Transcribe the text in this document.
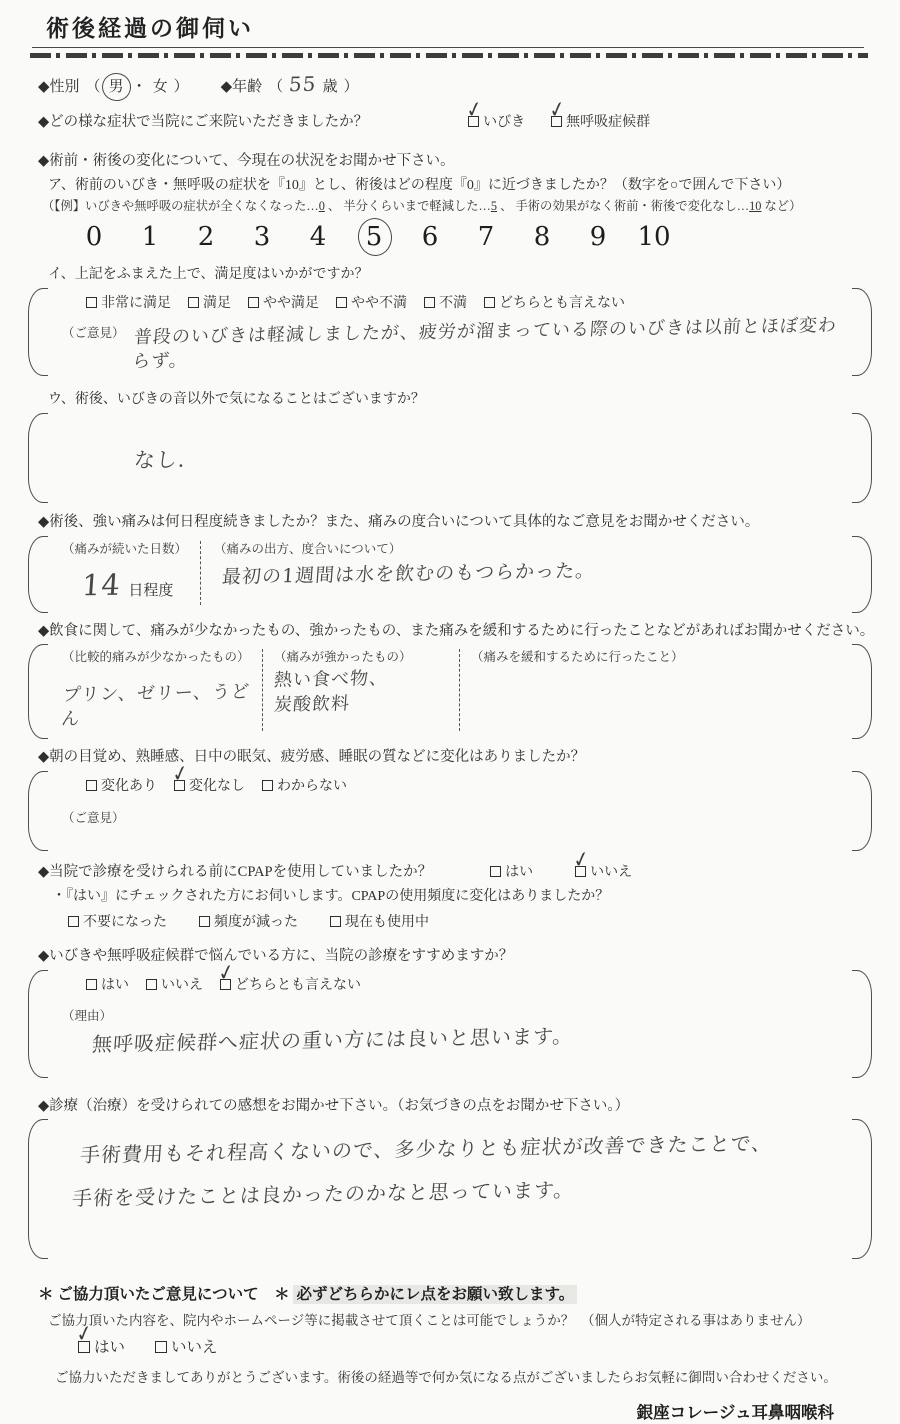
術後経過の御伺い
◆性別 （ 男 ・ 女 ） ◆年齢 （ 55 歳 ）
◆どの様な症状で当院にご来院いただきましたか？	✓ いびき ✓ 無呼吸症候群
◆術前・術後の変化について、今現在の状況をお聞かせ下さい。
ア、術前のいびき・無呼吸の症状を『10』とし、術後はどの程度『0』に近づきましたか？（数字を○で囲んで下さい）
（【例】いびきや無呼吸の症状が全くなくなった…0 、 半分くらいまで軽減した…5 、 手術の効果がなく術前・術後で変化なし…10 など）
0	1	2	3	4	5	6	7	8	9	10
イ、上記をふまえた上で、満足度はいかがですか？
非常に満足 満足 やや満足 やや不満 不満 どちらとも言えない
（ご意見） 普段のいびきは軽減しましたが、疲労が溜まっている際のいびきは以前とほぼ変わらず。
ウ、術後、いびきの音以外で気になることはございますか？
なし.
◆術後、強い痛みは何日程度続きましたか？また、痛みの度合いについて具体的なご意見をお聞かせください。
（痛みが続いた日数）
14 日程度
（痛みの出方、度合いについて）
最初の1週間は水を飲むのもつらかった。
◆飲食に関して、痛みが少なかったもの、強かったもの、また痛みを緩和するために行ったことなどがあればお聞かせください。
（比較的痛みが少なかったもの）
プリン、ゼリー、うどん
（痛みが強かったもの）
熱い食べ物、 炭酸飲料
（痛みを緩和するために行ったこと）
◆朝の目覚め、熟睡感、日中の眠気、疲労感、睡眠の質などに変化はありましたか？
変化あり ✓ 変化なし わからない
（ご意見）
◆当院で診療を受けられる前にCPAPを使用していましたか？	はい ✓ いいえ
・『はい』にチェックされた方にお伺いします。CPAPの使用頻度に変化はありましたか？
不要になった	頻度が減った	現在も使用中
◆いびきや無呼吸症候群で悩んでいる方に、当院の診療をすすめますか？
はい いいえ ✓ どちらとも言えない
（理由）
無呼吸症候群へ症状の重い方には良いと思います。
◆診療（治療）を受けられての感想をお聞かせ下さい。（お気づきの点をお聞かせ下さい。）
手術費用もそれ程高くないので、多少なりとも症状が改善できたことで、 手術を受けたことは良かったのかなと思っています。
＊ ご協力頂いたご意見について　＊ 必ずどちらかにレ点をお願い致します。
ご協力頂いた内容を、院内やホームページ等に掲載させて頂くことは可能でしょうか？　（個人が特定される事はありません）
✓ はい	いいえ
ご協力いただきましてありがとうございます。術後の経過等で何か気になる点がございましたらお気軽に御問い合わせください。
銀座コレージュ耳鼻咽喉科
